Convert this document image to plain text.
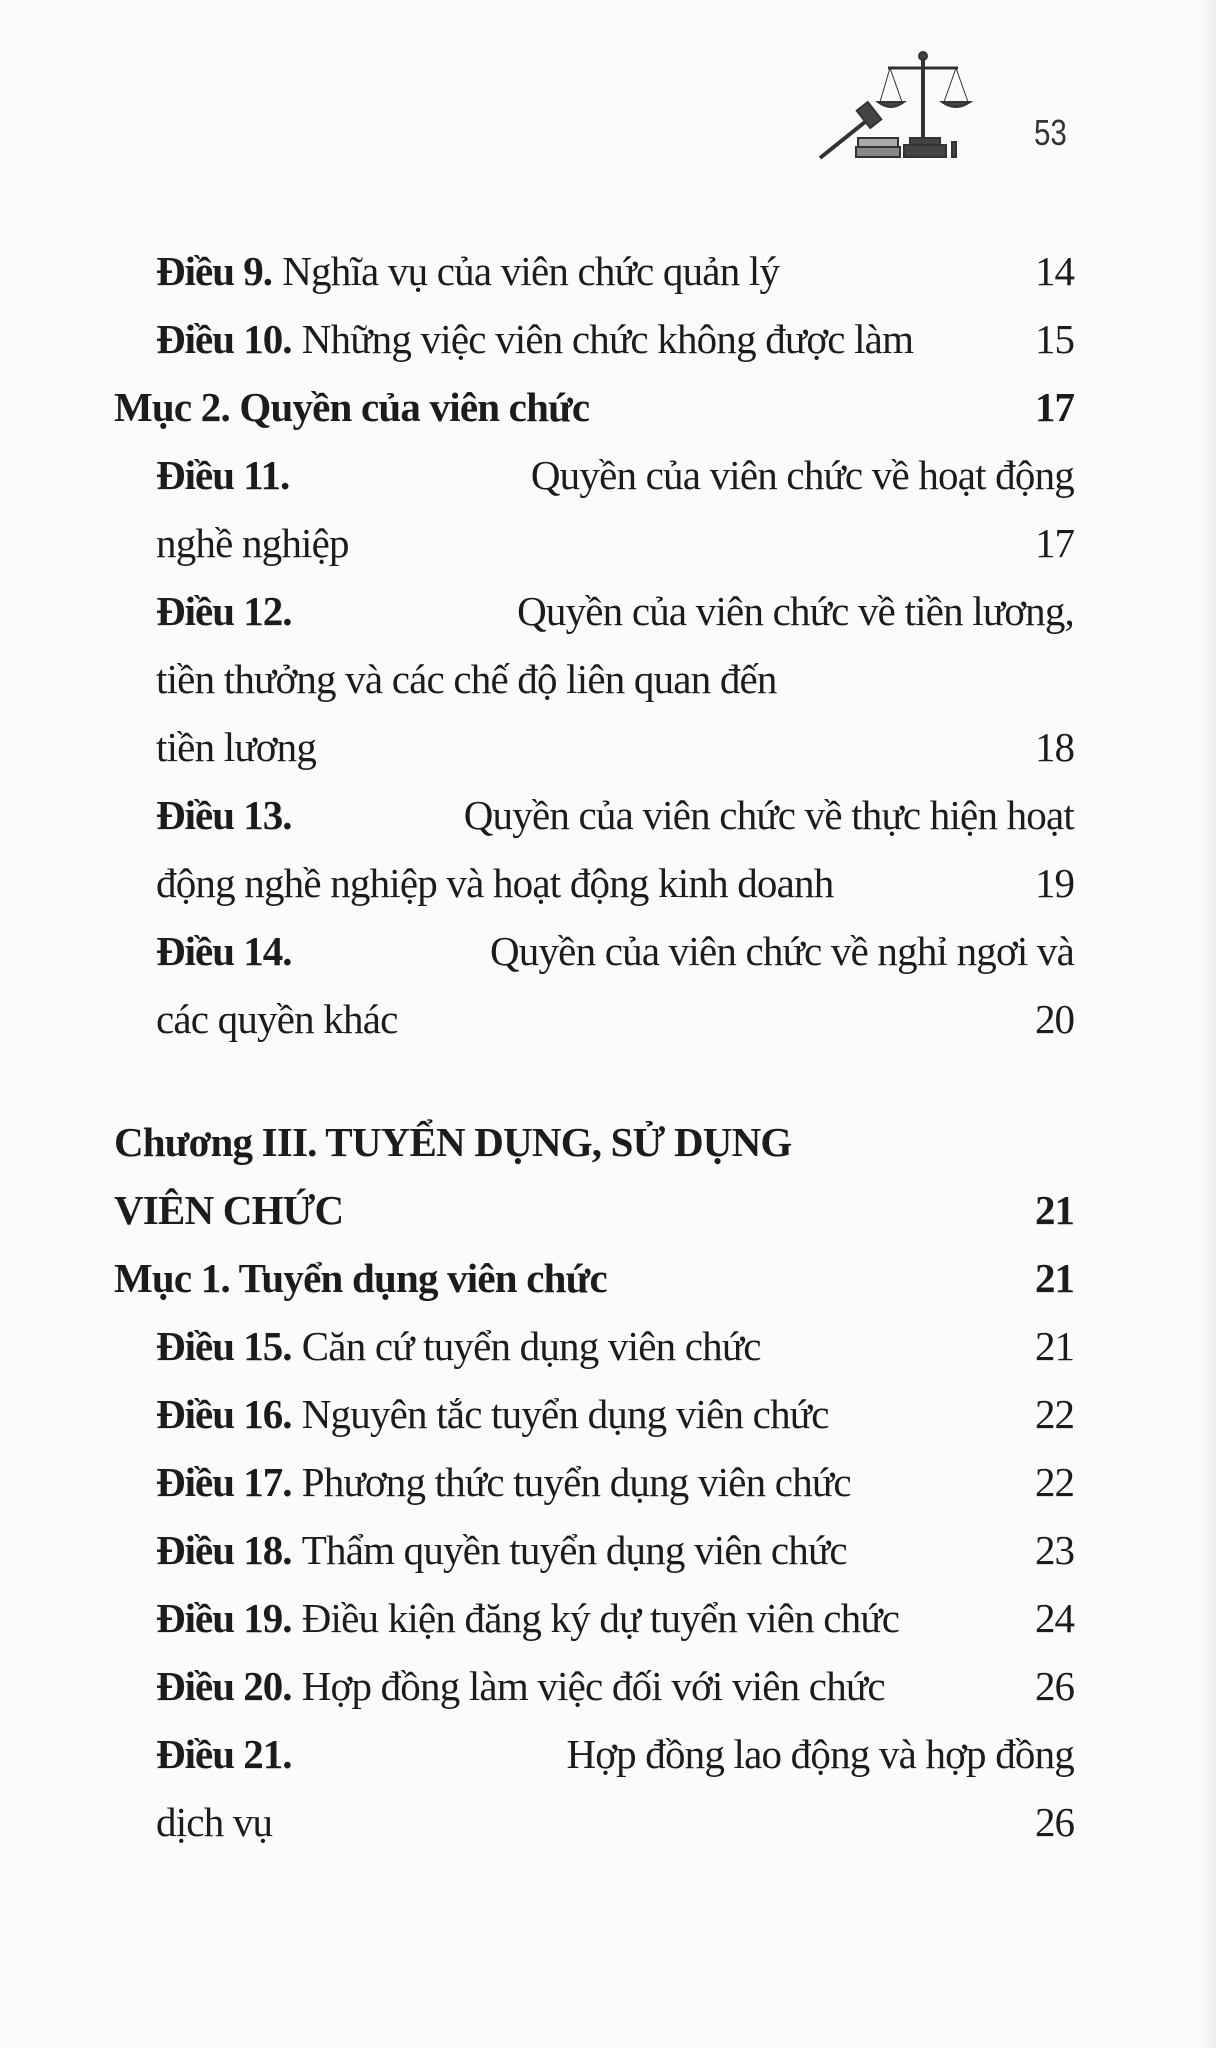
53
Điều 9.
Nghĩa vụ của viên chức quản lý . . .	14
Điều 10.
Những việc viên chức không được làm . . .	15
Mục 2. Quyền của viên chức . . .	17
Điều 11.
	Quyền của viên chức về hoạt động
nghề nghiệp . . .	17
Điều 12.
	Quyền của viên chức về tiền lương,
tiền thưởng và các chế độ liên quan đến
tiền lương . . .	18
Điều 13.
	Quyền của viên chức về thực hiện hoạt
động nghề nghiệp và hoạt động kinh doanh . . .	19
Điều 14.
	Quyền của viên chức về nghỉ ngơi và
các quyền khác . . .	20
Chương III. TUYỂN DỤNG, SỬ DỤNG
VIÊN CHỨC . . .	21
Mục 1. Tuyển dụng viên chức . . .	21
Điều 15.
Căn cứ tuyển dụng viên chức . . .	21
Điều 16.
Nguyên tắc tuyển dụng viên chức . . .	22
Điều 17.
Phương thức tuyển dụng viên chức . . .	22
Điều 18.
Thẩm quyền tuyển dụng viên chức . . .	23
Điều 19.
Điều kiện đăng ký dự tuyển viên chức . . .	24
Điều 20.
Hợp đồng làm việc đối với viên chức . . .	26
Điều 21.
	Hợp đồng lao động và hợp đồng
dịch vụ . . .	26
